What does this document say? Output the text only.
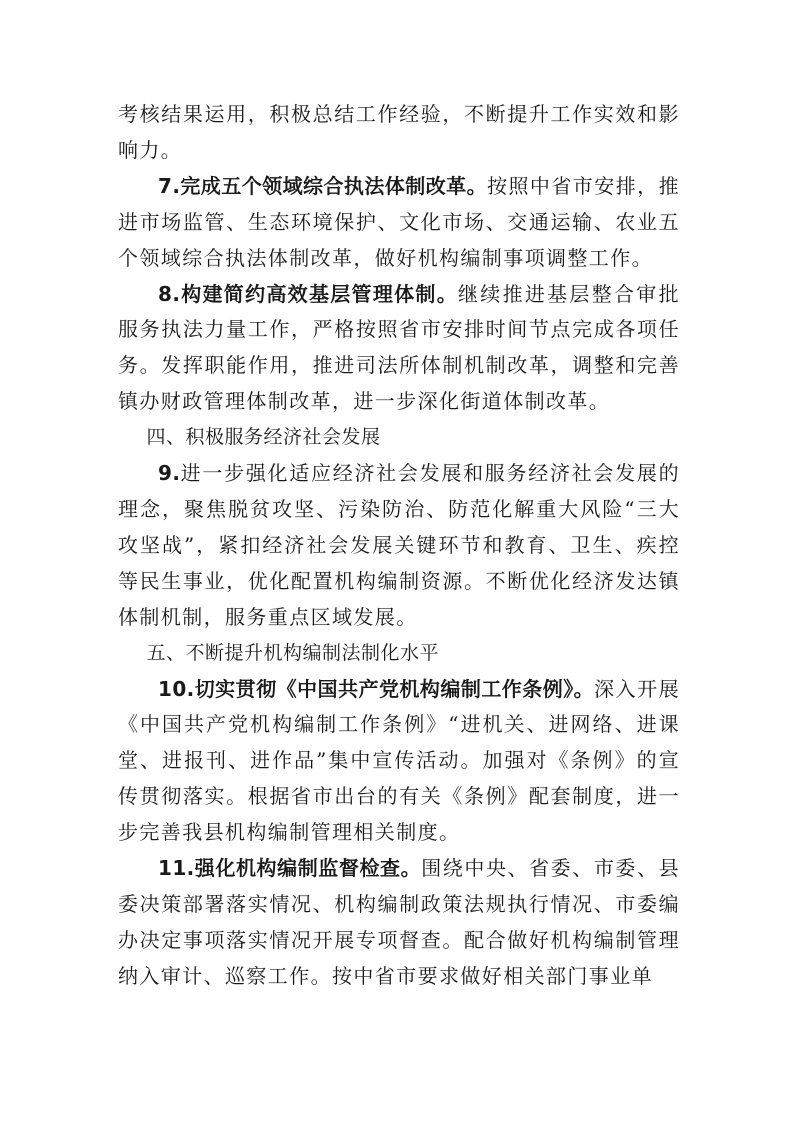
考核结果运用，积极总结工作经验，不断提升工作实效和影响力。

7.完成五个领域综合执法体制改革。按照中省市安排，推进市场监管、生态环境保护、文化市场、交通运输、农业五个领域综合执法体制改革，做好机构编制事项调整工作。

8.构建简约高效基层管理体制。继续推进基层整合审批服务执法力量工作，严格按照省市安排时间节点完成各项任务。发挥职能作用，推进司法所体制机制改革，调整和完善镇办财政管理体制改革，进一步深化街道体制改革。

四、积极服务经济社会发展

9.进一步强化适应经济社会发展和服务经济社会发展的理念，聚焦脱贫攻坚、污染防治、防范化解重大风险“三大攻坚战”，紧扣经济社会发展关键环节和教育、卫生、疾控等民生事业，优化配置机构编制资源。不断优化经济发达镇体制机制，服务重点区域发展。

五、不断提升机构编制法制化水平

10.切实贯彻《中国共产党机构编制工作条例》。深入开展《中国共产党机构编制工作条例》“进机关、进网络、进课堂、进报刊、进作品”集中宣传活动。加强对《条例》的宣传贯彻落实。根据省市出台的有关《条例》配套制度，进一步完善我县机构编制管理相关制度。

11.强化机构编制监督检查。围绕中央、省委、市委、县委决策部署落实情况、机构编制政策法规执行情况、市委编办决定事项落实情况开展专项督查。配合做好机构编制管理纳入审计、巡察工作。按中省市要求做好相关部门事业单
